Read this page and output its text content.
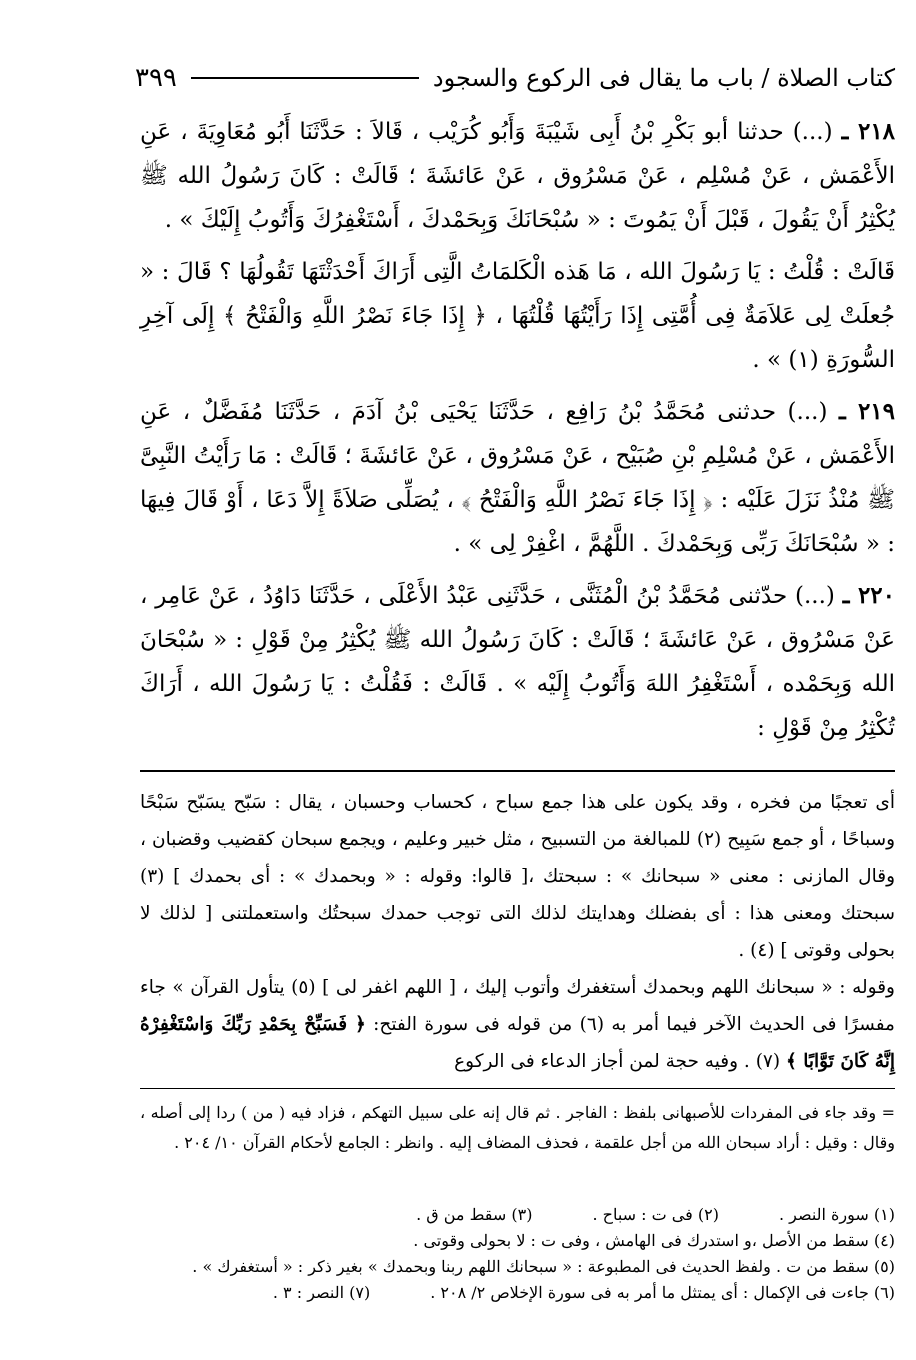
كتاب الصلاة / باب ما يقال فى الركوع والسجود
٣٩٩

٢١٨ ـ (...) حدثنا أبو بَكْرِ بْنُ أَبِى شَيْبَةَ وَأَبُو كُرَيْب ، قَالاَ : حَدَّثَنَا أَبُو مُعَاوِيَةَ ، عَنِ الأَعْمَش ، عَنْ مُسْلِم ، عَنْ مَسْرُوق ، عَنْ عَائشَةَ ؛ قَالَتْ : كَانَ رَسُولُ الله ﷺ يُكْثِرُ أَنْ يَقُولَ ، قَبْلَ أَنْ يَمُوتَ : « سُبْحَانَكَ وَبِحَمْدكَ ، أَسْتَغْفِرُكَ وَأَتُوبُ إِلَيْكَ » .

قَالَتْ : قُلْتُ : يَا رَسُولَ الله ، مَا هَذه الْكَلمَاتُ الَّتِى أَرَاكَ أَحْدَثْتَهَا تَقُولُهَا ؟ قَالَ : « جُعلَتْ لِى عَلاَمَةٌ فِى أُمَّتِى إِذَا رَأَيْتُهَا قُلْتُهَا ، ﴿ إِذَا جَاءَ نَصْرُ اللَّهِ وَالْفَتْحُ ﴾ إِلَى آخِرِ السُّورَةِ (١) » .

٢١٩ ـ (...) حدثنى مُحَمَّدُ بْنُ رَافِع ، حَدَّثَنَا يَحْيَى بْنُ آدَمَ ، حَدَّثَنَا مُفَضَّلٌ ، عَنِ الأَعْمَش ، عَنْ مُسْلِمِ بْنِ صُبَيْح ، عَنْ مَسْرُوق ، عَنْ عَائشَةَ ؛ قَالَتْ : مَا رَأَيْتُ النَّبِىَّ ﷺ مُنْذُ نَزَلَ عَلَيْه : ﴿ إِذَا جَاءَ نَصْرُ اللَّهِ وَالْفَتْحُ ﴾ ، يُصَلِّى صَلاَةً إِلاَّ دَعَا ، أَوْ قَالَ فِيهَا : « سُبْحَانَكَ رَبِّى وَبِحَمْدكَ . اللَّهُمَّ ، اغْفِرْ لِى » .

٢٢٠ ـ (...) حدّثنى مُحَمَّدُ بْنُ الْمُثَنَّى ، حَدَّثَنِى عَبْدُ الأَعْلَى ، حَدَّثَنَا دَاوُدُ ، عَنْ عَامِر ، عَنْ مَسْرُوق ، عَنْ عَائشَةَ ؛ قَالَتْ : كَانَ رَسُولُ الله ﷺ يُكْثِرُ مِنْ قَوْلِ : « سُبْحَانَ الله وَبِحَمْده ، أَسْتَغْفِرُ اللهَ وَأَتُوبُ إِلَيْه » . قَالَتْ : فَقُلْتُ : يَا رَسُولَ الله ، أَرَاكَ تُكْثِرُ مِنْ قَوْلِ :

أى تعجبًا من فخره ، وقد يكون على هذا جمع سباح ، كحساب وحسبان ، يقال : سَبّح يسَبّح سَبْحًا وسباحًا ، أو جمع سَبِيح (٢) للمبالغة من التسبيح ، مثل خبير وعليم ، ويجمع سبحان كقضيب وقضبان ، وقال المازنى : معنى « سبحانك » : سبحتك ،[ قالوا: وقوله : « وبحمدك » : أى بحمدك ] (٣) سبحتك ومعنى هذا : أى بفضلك وهدايتك لذلك التى توجب حمدك سبحتُك واستعملتنى [ لذلك لا بحولى وقوتى ] (٤) .

وقوله : « سبحانك اللهم وبحمدك أستغفرك وأتوب إليك ، [ اللهم اغفر لى ] (٥) يتأول القرآن » جاء مفسرًا فى الحديث الآخر فيما أمر به (٦) من قوله فى سورة الفتح: ﴿ فَسَبِّحْ بِحَمْدِ رَبِّكَ وَاسْتَغْفِرْهُ إِنَّهُ كَانَ تَوَّابًا ﴾ (٧) . وفيه حجة لمن أجاز الدعاء فى الركوع

= وقد جاء فى المفردات للأصبهانى بلفظ : الفاجر . ثم قال إنه على سبيل التهكم ، فزاد فيه ( من ) ردا إلى أصله ، وقال : وقيل : أراد سبحان الله من أجل علقمة ، فحذف المضاف إليه . وانظر : الجامع لأحكام القرآن ١٠/ ٢٠٤ .
(١) سورة النصر .
(٢) فى ت : سباح .
(٣) سقط من ق .
(٤) سقط من الأصل ،و استدرك فى الهامش ، وفى ت : لا بحولى وقوتى .
(٥) سقط من ت . ولفظ الحديث فى المطبوعة : « سبحانك اللهم ربنا وبحمدك » بغير ذكر : « أستغفرك » .
(٦) جاءت فى الإكمال : أى يمتثل ما أمر به فى سورة الإخلاص ٢/ ٢٠٨ .
(٧) النصر : ٣ .
